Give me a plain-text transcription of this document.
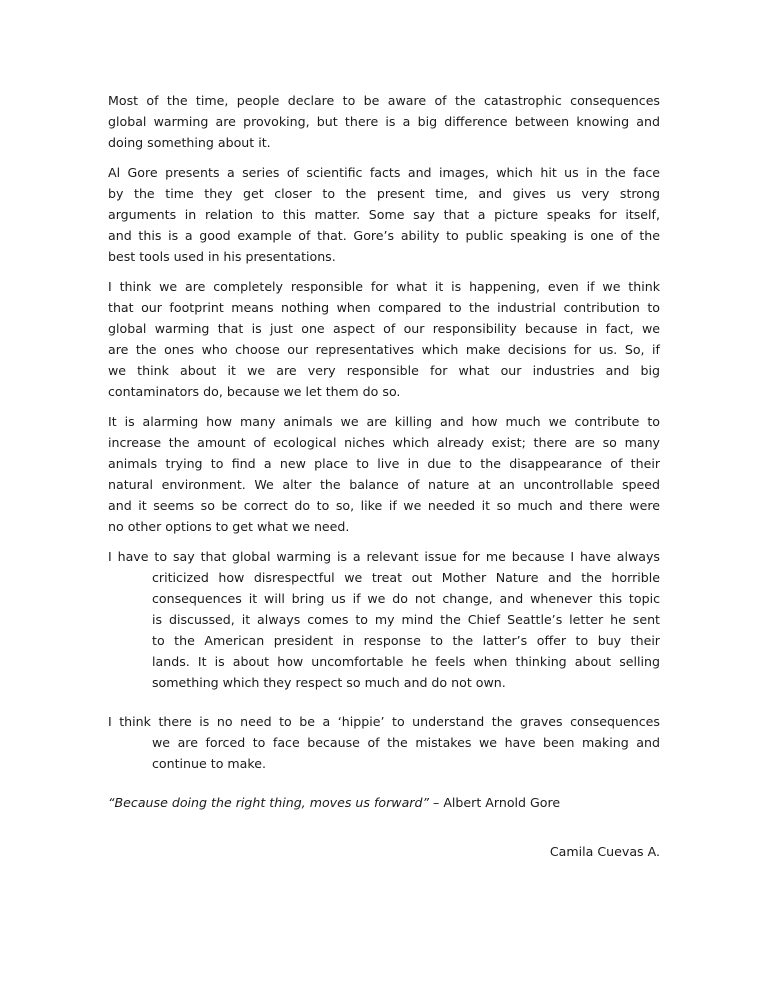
Most of the time, people declare to be aware of the catastrophic consequences
global warming are provoking, but there is a big difference between knowing and
doing something about it.
Al Gore presents a series of scientific facts and images, which hit us in the face
by the time they get closer to the present time, and gives us very strong
arguments in relation to this matter. Some say that a picture speaks for itself,
and this is a good example of that. Gore’s ability to public speaking is one of the
best tools used in his presentations.
I think we are completely responsible for what it is happening, even if we think
that our footprint means nothing when compared to the industrial contribution to
global warming that is just one aspect of our responsibility because in fact, we
are the ones who choose our representatives which make decisions for us. So, if
we think about it we are very responsible for what our industries and big
contaminators do, because we let them do so.
It is alarming how many animals we are killing and how much we contribute to
increase the amount of ecological niches which already exist; there are so many
animals trying to find a new place to live in due to the disappearance of their
natural environment. We alter the balance of nature at an uncontrollable speed
and it seems so be correct do to so, like if we needed it so much and there were
no other options to get what we need.
I have to say that global warming is a relevant issue for me because I have always
criticized how disrespectful we treat out Mother Nature and the horrible
consequences it will bring us if we do not change, and whenever this topic
is discussed, it always comes to my mind the Chief Seattle’s letter he sent
to the American president in response to the latter’s offer to buy their
lands. It is about how uncomfortable he feels when thinking about selling
something which they respect so much and do not own.
I think there is no need to be a ‘hippie’ to understand the graves consequences
we are forced to face because of the mistakes we have been making and
continue to make.
“Because doing the right thing, moves us forward” – Albert Arnold Gore
Camila Cuevas A.
